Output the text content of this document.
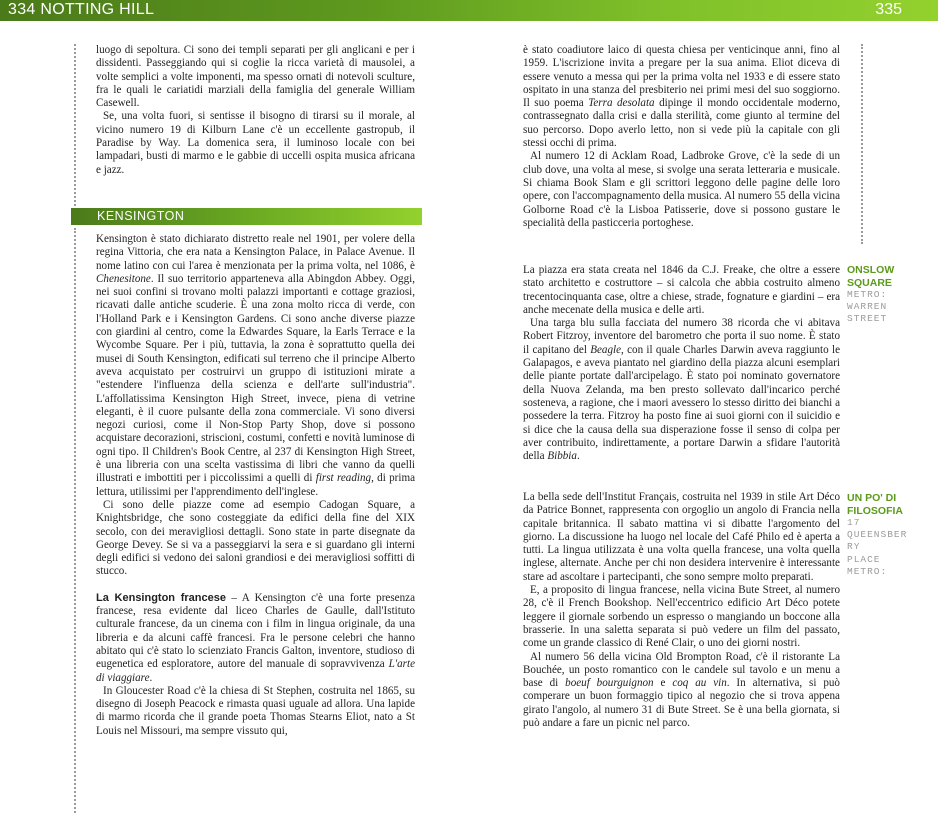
334 NOTTING HILL	335
KENSINGTON

luogo di sepoltura. Ci sono dei templi separati per gli anglicani e per i dissidenti. Passeggiando qui si coglie la ricca varietà di mausolei, a volte semplici a volte imponenti, ma spesso ornati di notevoli sculture, fra le quali le cariatidi marziali della famiglia del generale William Casewell.

Se, una volta fuori, si sentisse il bisogno di tirarsi su il morale, al vicino numero 19 di Kilburn Lane c'è un eccellente gastropub, il Paradise by Way. La domenica sera, il luminoso locale con bei lampadari, busti di marmo e le gabbie di uccelli ospita musica africana e jazz.

Kensington è stato dichiarato distretto reale nel 1901, per volere della regina Vittoria, che era nata a Kensington Palace, in Palace Avenue. Il nome latino con cui l'area è menzionata per la prima volta, nel 1086, è Chenesitone. Il suo territorio apparteneva alla Abingdon Abbey. Oggi, nei suoi confini si trovano molti palazzi importanti e cottage graziosi, ricavati dalle antiche scuderie. È una zona molto ricca di verde, con l'Holland Park e i Kensington Gardens. Ci sono anche diverse piazze con giardini al centro, come la Edwardes Square, la Earls Terrace e la Wycombe Square. Per i più, tuttavia, la zona è soprattutto quella dei musei di South Kensington, edificati sul terreno che il principe Alberto aveva acquistato per costruirvi un gruppo di istituzioni mirate a "estendere l'influenza della scienza e dell'arte sull'industria". L'affollatissima Kensington High Street, invece, piena di vetrine eleganti, è il cuore pulsante della zona commerciale. Vi sono diversi negozi curiosi, come il Non-Stop Party Shop, dove si possono acquistare decorazioni, striscioni, costumi, confetti e novità luminose di ogni tipo. Il Children's Book Centre, al 237 di Kensington High Street, è una libreria con una scelta vastissima di libri che vanno da quelli illustrati e imbottiti per i piccolissimi a quelli di first reading, di prima lettura, utilissimi per l'apprendimento dell'inglese.

Ci sono delle piazze come ad esempio Cadogan Square, a Knightsbridge, che sono costeggiate da edifici della fine del XIX secolo, con dei meravigliosi dettagli. Sono state in parte disegnate da George Devey. Se si va a passeggiarvi la sera e si guardano gli interni degli edifici si vedono dei saloni grandiosi e dei meravigliosi soffitti di stucco.

La Kensington francese – A Kensington c'è una forte presenza francese, resa evidente dal liceo Charles de Gaulle, dall'Istituto culturale francese, da un cinema con i film in lingua originale, da una libreria e da alcuni caffè francesi. Fra le persone celebri che hanno abitato qui c'è stato lo scienziato Francis Galton, inventore, studioso di eugenetica ed esploratore, autore del manuale di sopravvivenza L'arte di viaggiare.

In Gloucester Road c'è la chiesa di St Stephen, costruita nel 1865, su disegno di Joseph Peacock e rimasta quasi uguale ad allora. Una lapide di marmo ricorda che il grande poeta Thomas Stearns Eliot, nato a St Louis nel Missouri, ma sempre vissuto qui,

è stato coadiutore laico di questa chiesa per venticinque anni, fino al 1959. L'iscrizione invita a pregare per la sua anima. Eliot diceva di essere venuto a messa qui per la prima volta nel 1933 e di essere stato ospitato in una stanza del presbiterio nei primi mesi del suo soggiorno. Il suo poema Terra desolata dipinge il mondo occidentale moderno, contrassegnato dalla crisi e dalla sterilità, come giunto al termine del suo percorso. Dopo averlo letto, non si vede più la capitale con gli stessi occhi di prima.

Al numero 12 di Acklam Road, Ladbroke Grove, c'è la sede di un club dove, una volta al mese, si svolge una serata letteraria e musicale. Si chiama Book Slam e gli scrittori leggono delle pagine delle loro opere, con l'accompagnamento della musica. Al numero 55 della vicina Golborne Road c'è la Lisboa Patisserie, dove si possono gustare le specialità della pasticceria portoghese.

La piazza era stata creata nel 1846 da C.J. Freake, che oltre a essere stato architetto e costruttore – si calcola che abbia costruito almeno trecentocinquanta case, oltre a chiese, strade, fognature e giardini – era anche mecenate della musica e delle arti.

Una targa blu sulla facciata del numero 38 ricorda che vi abitava Robert Fitzroy, inventore del barometro che porta il suo nome. È stato il capitano del Beagle, con il quale Charles Darwin aveva raggiunto le Galapagos, e aveva piantato nel giardino della piazza alcuni esemplari delle piante portate dall'arcipelago. È stato poi nominato governatore della Nuova Zelanda, ma ben presto sollevato dall'incarico perché sosteneva, a ragione, che i maori avessero lo stesso diritto dei bianchi a possedere la terra. Fitzroy ha posto fine ai suoi giorni con il suicidio e si dice che la causa della sua disperazione fosse il senso di colpa per aver contribuito, indirettamente, a portare Darwin a sfidare l'autorità della Bibbia.

La bella sede dell'Institut Français, costruita nel 1939 in stile Art Déco da Patrice Bonnet, rappresenta con orgoglio un angolo di Francia nella capitale britannica. Il sabato mattina vi si dibatte l'argomento del giorno. La discussione ha luogo nel locale del Café Philo ed è aperta a tutti. La lingua utilizzata è una volta quella francese, una volta quella inglese, alternate. Anche per chi non desidera intervenire è interessante stare ad ascoltare i partecipanti, che sono sempre molto preparati.

E, a proposito di lingua francese, nella vicina Bute Street, al numero 28, c'è il French Bookshop. Nell'eccentrico edificio Art Déco potete leggere il giornale sorbendo un espresso o mangiando un boccone alla brasserie. In una saletta separata si può vedere un film del passato, come un grande classico di René Clair, o uno dei giorni nostri.

Al numero 56 della vicina Old Brompton Road, c'è il ristorante La Bouchée, un posto romantico con le candele sul tavolo e un menu a base di boeuf bourguignon e coq au vin. In alternativa, si può comperare un buon formaggio tipico al negozio che si trova appena girato l'angolo, al numero 31 di Bute Street. Se è una bella giornata, si può andare a fare un picnic nel parco.

ONSLOW SQUARE
METRO:
WARREN
STREET
UN PO' DI FILOSOFIA
17
QUEENSBER
RY
PLACE
METRO:
